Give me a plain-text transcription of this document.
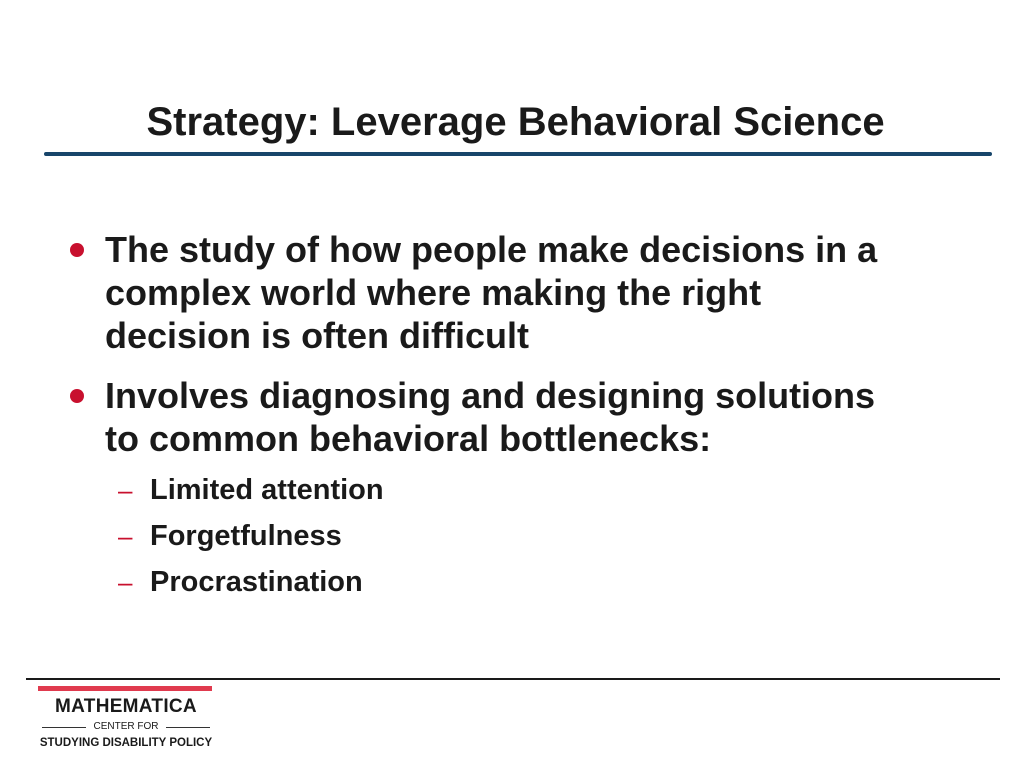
Strategy: Leverage Behavioral Science
The study of how people make decisions in a
complex world where making the right
decision is often difficult
Involves diagnosing and designing solutions
to common behavioral bottlenecks:
– Limited attention
– Forgetfulness
– Procrastination
MATHEMATICA
CENTER FOR
STUDYING DISABILITY POLICY
